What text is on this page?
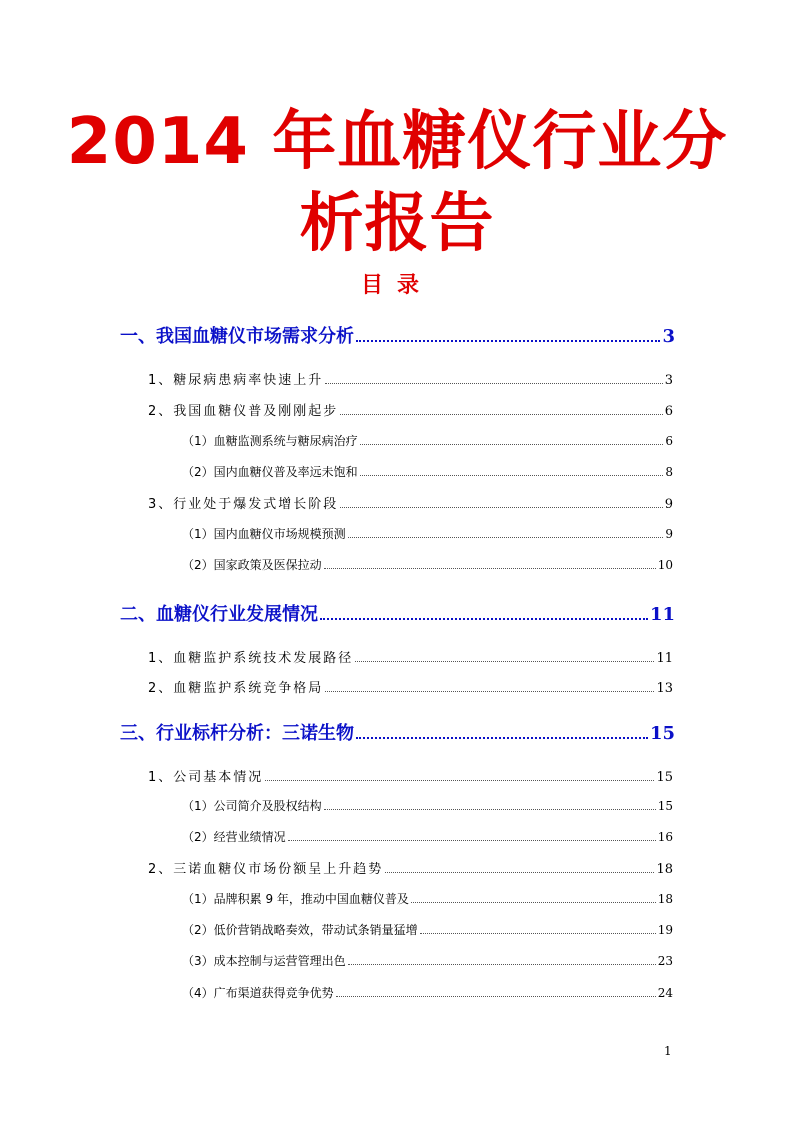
2014 年血糖仪行业分
析报告
目录
一、我国血糖仪市场需求分析	3
1、糖尿病患病率快速上升	3
2、我国血糖仪普及刚刚起步	6
（1）血糖监测系统与糖尿病治疗	6
（2）国内血糖仪普及率远未饱和	8
3、行业处于爆发式增长阶段	9
（1）国内血糖仪市场规模预测	9
（2）国家政策及医保拉动	10
二、血糖仪行业发展情况	11
1、血糖监护系统技术发展路径	11
2、血糖监护系统竞争格局	13
三、行业标杆分析：三诺生物	15
1、公司基本情况	15
（1）公司简介及股权结构	15
（2）经营业绩情况	16
2、三诺血糖仪市场份额呈上升趋势	18
（1）品牌积累 9 年，推动中国血糖仪普及	18
（2）低价营销战略奏效，带动试条销量猛增	19
（3）成本控制与运营管理出色	23
（4）广布渠道获得竞争优势	24
1
